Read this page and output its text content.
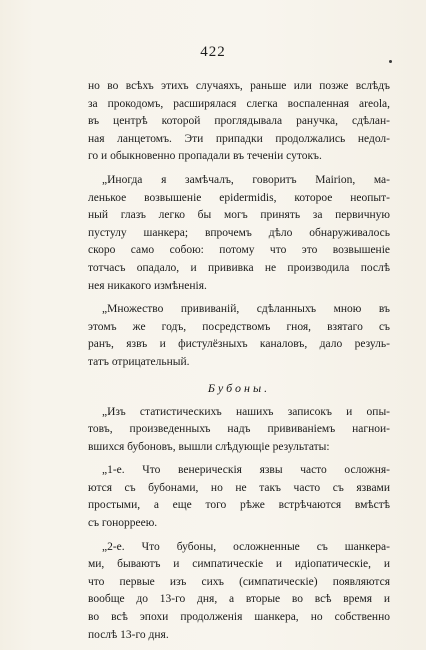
422
но во всѣхъ этихъ случаяхъ, раньше или позже вслѣдъ
за прокодомъ, расширялася слегка воспаленная areola,
въ центрѣ которой проглядывала ранучка, сдѣлан-
ная ланцетомъ. Эти припадки продолжались недол-
го и обыкновенно пропадали въ теченіи сутокъ.
„Иногда я замѣчалъ, говоритъ Mairion, ма-
ленькое возвышеніе epidermidis, которое неопыт-
ный глазъ легко бы могъ принять за первичную
пустулу шанкера; впрочемъ дѣло обнаруживалось
скоро само собою: потому что это возвышеніе
тотчасъ опадало, и прививка не производила послѣ
нея никакого измѣненія.
„Множество прививаній, сдѣланныхъ мною въ
этомъ же годъ, посредствомъ гноя, взятаго съ
ранъ, язвъ и фистулёзныхъ каналовъ, дало резуль-
татъ отрицательный.
Бубоны.
„Изъ статистическихъ нашихъ записокъ и опы-
товъ, произведенныхъ надъ прививаніемъ нагнои-
вшихся бубоновъ, вышли слѣдующіе результаты:
„1-е. Что венерическія язвы часто осложня-
ются съ бубонами, но не такъ часто съ язвами
простыми, а еще того рѣже встрѣчаются вмѣстѣ
съ гонорреею.
„2-е. Что бубоны, осложненные съ шанкера-
ми, бываютъ и симпатическіе и идіопатическіе, и
что первые изъ сихъ (симпатическіе) появляются
вообще до 13-го дня, а вторые во всѣ время и
во всѣ эпохи продолженія шанкера, но собственно
послѣ 13-го дня.
